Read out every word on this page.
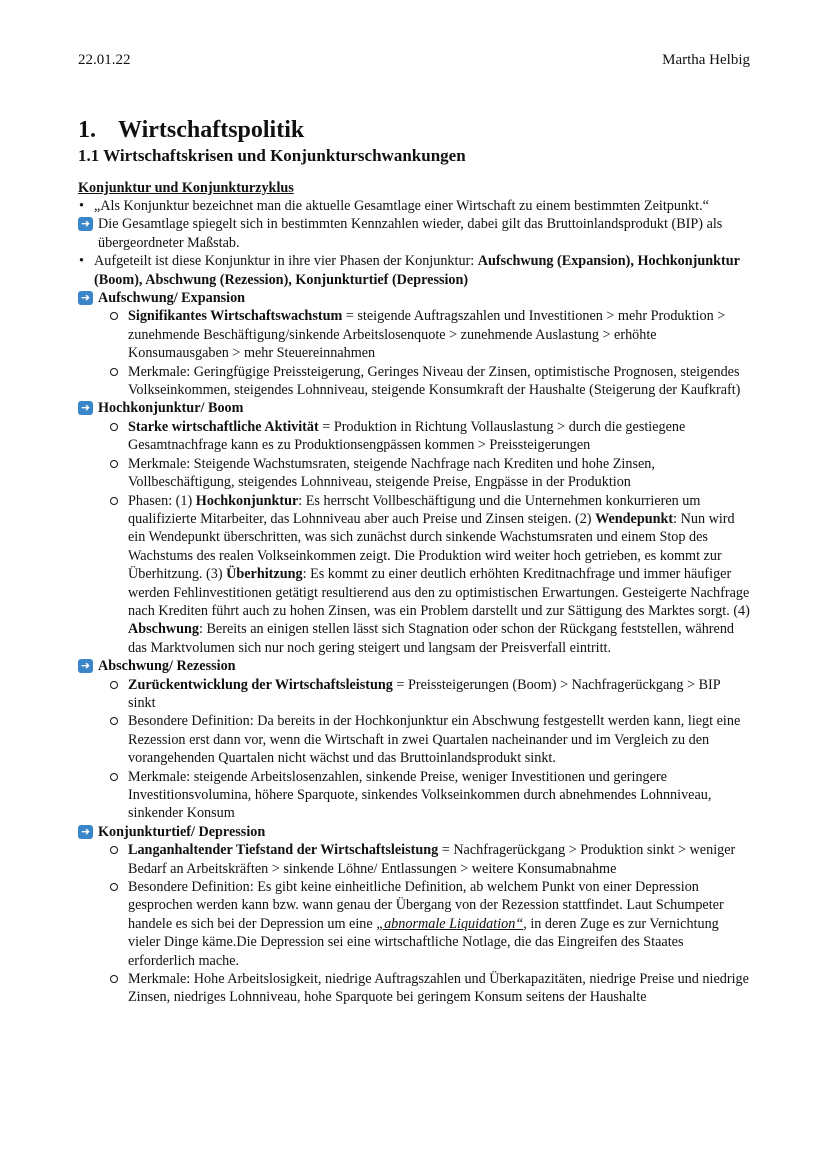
22.01.22	Martha Helbig
1. Wirtschaftspolitik
1.1 Wirtschaftskrisen und Konjunkturschwankungen
Konjunktur und Konjunkturzyklus
• „Als Konjunktur bezeichnet man die aktuelle Gesamtlage einer Wirtschaft zu einem bestimmten Zeitpunkt.“
➜ Die Gesamtlage spiegelt sich in bestimmten Kennzahlen wieder, dabei gilt das Bruttoinlandsprodukt (BIP) als übergeordneter Maßstab.
• Aufgeteilt ist diese Konjunktur in ihre vier Phasen der Konjunktur: Aufschwung (Expansion), Hochkonjunktur (Boom), Abschwung (Rezession), Konjunkturtief (Depression)
➜ Aufschwung/ Expansion
Signifikantes Wirtschaftswachstum = steigende Auftragszahlen und Investitionen > mehr Produktion > zunehmende Beschäftigung/sinkende Arbeitslosenquote > zunehmende Auslastung > erhöhte Konsumausgaben > mehr Steuereinnahmen
Merkmale: Geringfügige Preissteigerung, Geringes Niveau der Zinsen, optimistische Prognosen, steigendes Volkseinkommen, steigendes Lohnniveau, steigende Konsumkraft der Haushalte (Steigerung der Kaufkraft)
➜ Hochkonjunktur/ Boom
Starke wirtschaftliche Aktivität = Produktion in Richtung Vollauslastung > durch die gestiegene Gesamtnachfrage kann es zu Produktionsengpässen kommen > Preissteigerungen
Merkmale: Steigende Wachstumsraten, steigende Nachfrage nach Krediten und hohe Zinsen, Vollbeschäftigung, steigendes Lohnniveau, steigende Preise, Engpässe in der Produktion
Phasen: (1) Hochkonjunktur: Es herrscht Vollbeschäftigung und die Unternehmen konkurrieren um qualifizierte Mitarbeiter, das Lohnniveau aber auch Preise und Zinsen steigen. (2) Wendepunkt: Nun wird ein Wendepunkt überschritten, was sich zunächst durch sinkende Wachstumsraten und einem Stop des Wachstums des realen Volkseinkommen zeigt. Die Produktion wird weiter hoch getrieben, es kommt zur Überhitzung. (3) Überhitzung: Es kommt zu einer deutlich erhöhten Kreditnachfrage und immer häufiger werden Fehlinvestitionen getätigt resultierend aus den zu optimistischen Erwartungen. Gesteigerte Nachfrage nach Krediten führt auch zu hohen Zinsen, was ein Problem darstellt und zur Sättigung des Marktes sorgt. (4) Abschwung: Bereits an einigen stellen lässt sich Stagnation oder schon der Rückgang feststellen, während das Marktvolumen sich nur noch gering steigert und langsam der Preisverfall eintritt.
➜ Abschwung/ Rezession
Zurückentwicklung der Wirtschaftsleistung = Preissteigerungen (Boom) > Nachfragerückgang > BIP sinkt
Besondere Definition: Da bereits in der Hochkonjunktur ein Abschwung festgestellt werden kann, liegt eine Rezession erst dann vor, wenn die Wirtschaft in zwei Quartalen nacheinander und im Vergleich zu den vorangehenden Quartalen nicht wächst und das Bruttoinlandsprodukt sinkt.
Merkmale: steigende Arbeitslosenzahlen, sinkende Preise, weniger Investitionen und geringere Investitionsvolumina, höhere Sparquote, sinkendes Volkseinkommen durch abnehmendes Lohnniveau, sinkender Konsum
➜ Konjunkturtief/ Depression
Langanhaltender Tiefstand der Wirtschaftsleistung = Nachfragerückgang > Produktion sinkt > weniger Bedarf an Arbeitskräften > sinkende Löhne/ Entlassungen > weitere Konsumabnahme
Besondere Definition: Es gibt keine einheitliche Definition, ab welchem Punkt von einer Depression gesprochen werden kann bzw. wann genau der Übergang von der Rezession stattfindet. Laut Schumpeter handele es sich bei der Depression um eine „abnormale Liquidation“, in deren Zuge es zur Vernichtung vieler Dinge käme.Die Depression sei eine wirtschaftliche Notlage, die das Eingreifen des Staates erforderlich mache.
Merkmale: Hohe Arbeitslosigkeit, niedrige Auftragszahlen und Überkapazitäten, niedrige Preise und niedrige Zinsen, niedriges Lohnniveau, hohe Sparquote bei geringem Konsum seitens der Haushalte
